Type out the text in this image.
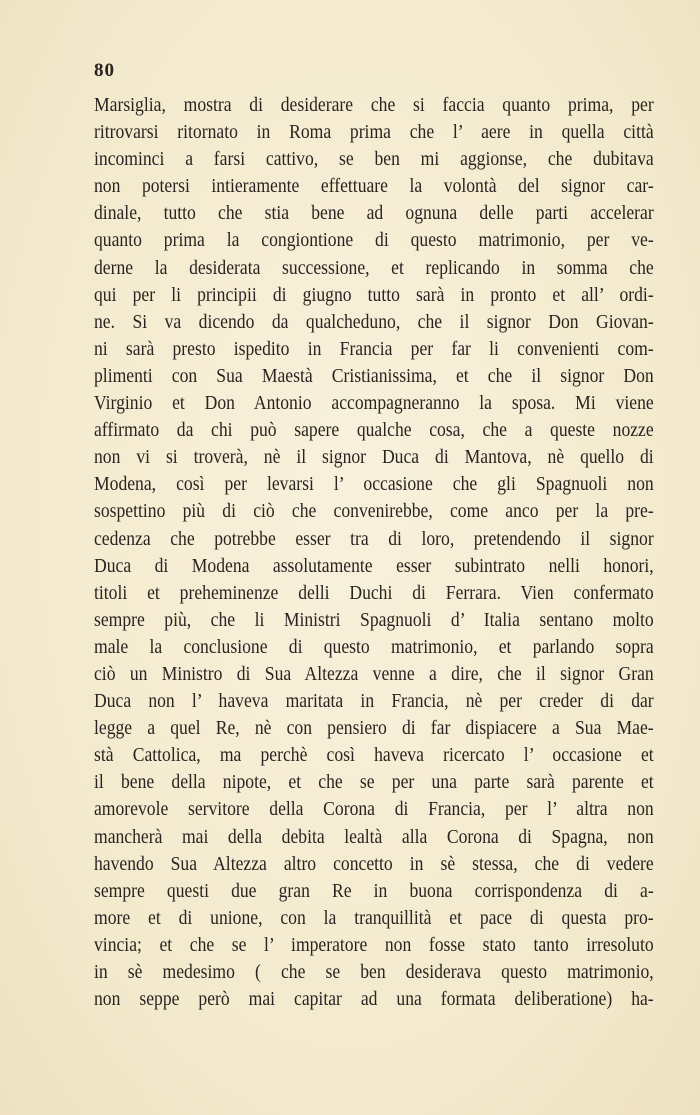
80
Marsiglia, mostra di desiderare che si faccia quanto prima, per
ritrovarsi ritornato in Roma prima che l’ aere in quella città
incominci a farsi cattivo, se ben mi aggionse, che dubitava
non potersi intieramente effettuare la volontà del signor car-
dinale, tutto che stia bene ad ognuna delle parti accelerar
quanto prima la congiontione di questo matrimonio, per ve-
derne la desiderata successione, et replicando in somma che
qui per li principii di giugno tutto sarà in pronto et all’ ordi-
ne. Si va dicendo da qualcheduno, che il signor Don Giovan-
ni sarà presto ispedito in Francia per far li convenienti com-
plimenti con Sua Maestà Cristianissima, et che il signor Don
Virginio et Don Antonio accompagneranno la sposa. Mi viene
affirmato da chi può sapere qualche cosa, che a queste nozze
non vi si troverà, nè il signor Duca di Mantova, nè quello di
Modena, così per levarsi l’ occasione che gli Spagnuoli non
sospettino più di ciò che convenirebbe, come anco per la pre-
cedenza che potrebbe esser tra di loro, pretendendo il signor
Duca di Modena assolutamente esser subintrato nelli honori,
titoli et preheminenze delli Duchi di Ferrara. Vien confermato
sempre più, che li Ministri Spagnuoli d’ Italia sentano molto
male la conclusione di questo matrimonio, et parlando sopra
ciò un Ministro di Sua Altezza venne a dire, che il signor Gran
Duca non l’ haveva maritata in Francia, nè per creder di dar
legge a quel Re, nè con pensiero di far dispiacere a Sua Mae-
stà Cattolica, ma perchè così haveva ricercato l’ occasione et
il bene della nipote, et che se per una parte sarà parente et
amorevole servitore della Corona di Francia, per l’ altra non
mancherà mai della debita lealtà alla Corona di Spagna, non
havendo Sua Altezza altro concetto in sè stessa, che di vedere
sempre questi due gran Re in buona corrispondenza di a-
more et di unione, con la tranquillità et pace di questa pro-
vincia; et che se l’ imperatore non fosse stato tanto irresoluto
in sè medesimo ( che se ben desiderava questo matrimonio,
non seppe però mai capitar ad una formata deliberatione) ha-
